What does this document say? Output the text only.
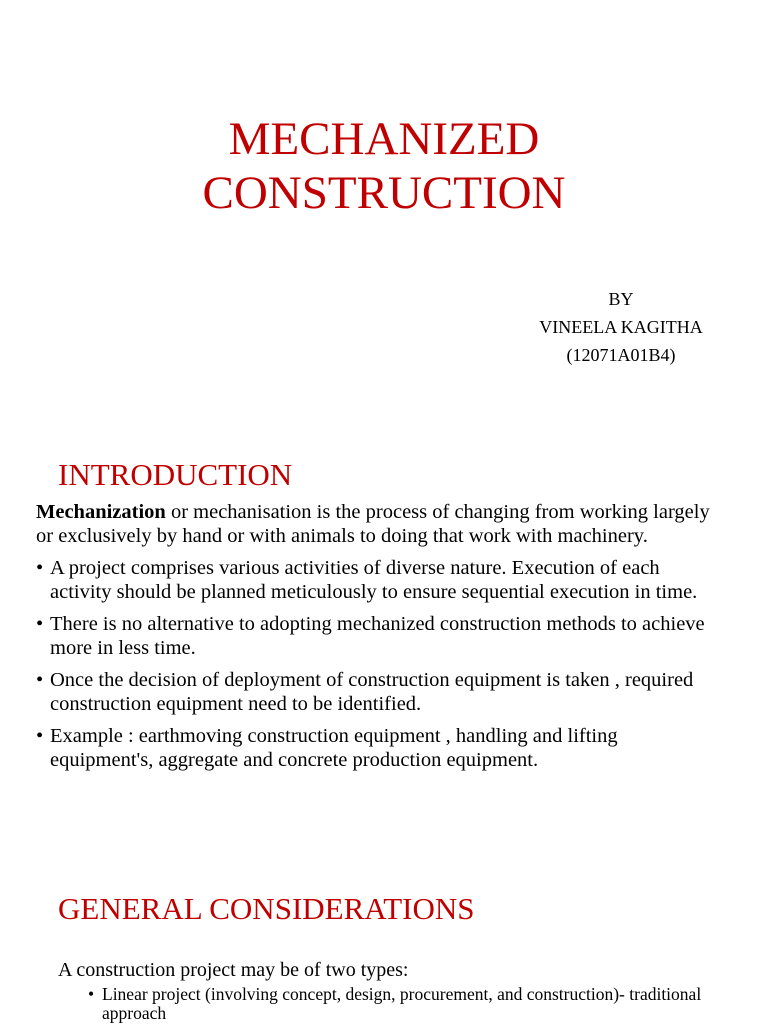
MECHANIZED
CONSTRUCTION
BY
VINEELA KAGITHA
(12071A01B4)
INTRODUCTION

Mechanization or mechanisation is the process of changing from working largely or exclusively by hand or with animals to doing that work with machinery.

• A project comprises various activities of diverse nature. Execution of each activity should be planned meticulously to ensure sequential execution in time.
• There is no alternative to adopting mechanized construction methods to achieve more in less time.
• Once the decision of deployment of construction equipment is taken , required construction equipment need to be identified.
• Example : earthmoving construction equipment , handling and lifting equipment's, aggregate and concrete production equipment.
GENERAL CONSIDERATIONS

A construction project may be of two types:

• Linear project (involving concept, design, procurement, and construction)- traditional approach
